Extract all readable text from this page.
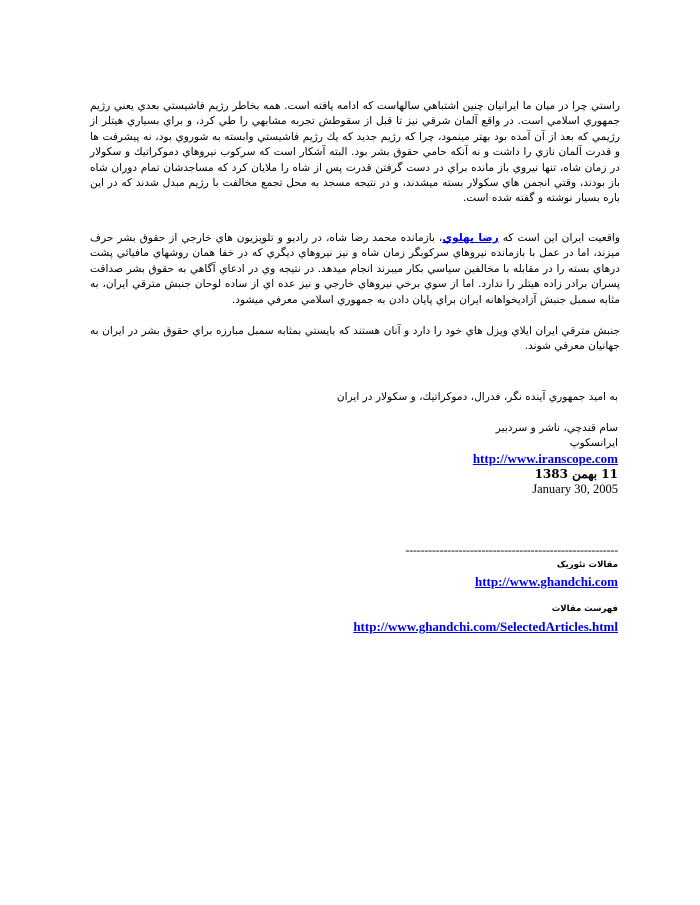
راستي چرا در ميان ما ايرانيان چنين اشتباهي سالهاست كه ادامه يافته است. همه بخاطر رژيم فاشيستي بعدي يعني رژيم جمهوري اسلامي است. در واقع آلمان شرقي نيز تا قبل از سقوطش تجربه مشابهي را طي كرد، و براي بسياري هيتلر از رژيمي كه بعد از آن آمده بود بهتر مينمود، چرا كه رژيم جديد كه يك رژيم فاشيستي وابسته به شوروي بود، نه پيشرفت ها و قدرت آلمان نازي را داشت و نه آنكه حامي حقوق بشر بود. البته آشكار است كه سركوب نيروهاي دموكراتيك و سكولار در زمان شاه، تنها نيروي باز مانده براي در دست گرفتن قدرت پس از شاه را ملايان كرد كه مساجدشان تمام دوران شاه باز بودند، وقتي انجمن هاي سكولار بسته ميشدند، و در نتيجه مسجد به محل تجمع مخالفت با رژيم مبدل شدند كه در اين باره بسيار نوشته و گفته شده است.

واقعيت ايران اين است كه رضا پهلوي، بازمانده محمد رضا شاه، در راديو و تلويزيون هاي خارجي از حقوق بشر حرف ميزند، اما در عمل با بازمانده نيروهاي سركوبگر زمان شاه و نيز نيروهاي ديگري كه در خفا همان روشهاي مافيائي پشت درهاي بسته را در مقابله با مخالفين سياسي بكار ميبرند انجام ميدهد. در نتيجه وي در ادعاي آگاهي به حقوق بشر صداقت پسران برادر زاده هيتلر را ندارد. اما از سوي برخي نيروهاي خارجي و نيز عده اي از ساده لوحان جنبش مترقي ايران، به مثابه سمبل جنبش آزاديخواهانه ايران براي پايان دادن به جمهوري اسلامي معرفي ميشود.

جنبش مترقي ايران ايلاي ويزل هاي خود را دارد و آنان هستند كه بايستي بمثابه سمبل مبارزه براي حقوق بشر در ايران به جهانيان معرفي شوند.

به اميد جمهوري آينده نگر، فدرال، دموكراتيك، و سكولار در ايران

سام قندچي، ناشر و سردبير
ايرانسكوپ
http://www.iranscope.com
11 بهمن 1383
January 30, 2005
--------------------------------------------------------
مقالات تئوريک
http://www.ghandchi.com
فهرست مقالات
http://www.ghandchi.com/SelectedArticles.html
